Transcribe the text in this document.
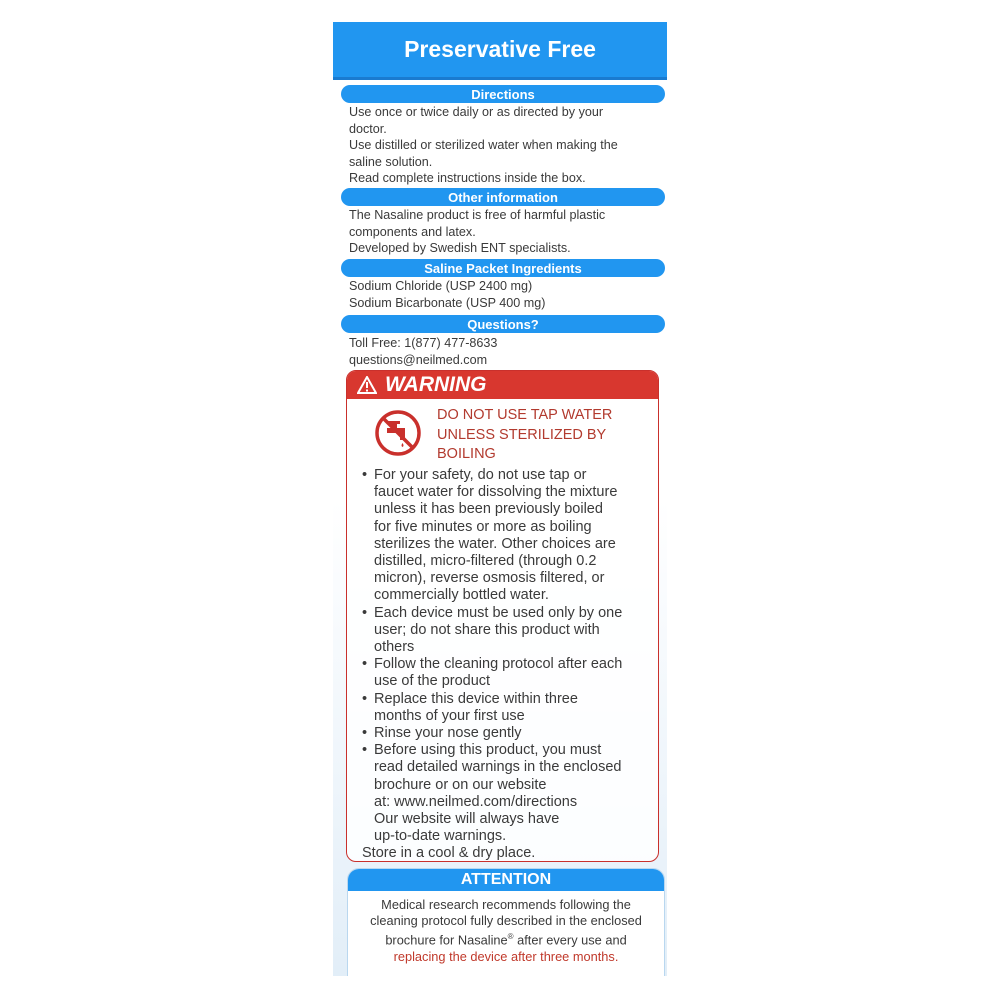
Preservative Free
Directions
Use once or twice daily or as directed by your
doctor.
Use distilled or sterilized water when making the
saline solution.
Read complete instructions inside the box.
Other information
The Nasaline product is free of harmful plastic
components and latex.
Developed by Swedish ENT specialists.
Saline Packet Ingredients
Sodium Chloride (USP 2400 mg)
Sodium Bicarbonate (USP 400 mg)
Questions?
Toll Free: 1(877) 477-8633
questions@neilmed.com
WARNING
DO NOT USE TAP WATER
UNLESS STERILIZED BY
BOILING
• For your safety, do not use tap or
faucet water for dissolving the mixture
unless it has been previously boiled
for five minutes or more as boiling
sterilizes the water. Other choices are
distilled, micro-filtered (through 0.2
micron), reverse osmosis filtered, or
commercially bottled water.
• Each device must be used only by one
user; do not share this product with
others
• Follow the cleaning protocol after each
use of the product
• Replace this device within three
months of your first use
• Rinse your nose gently
• Before using this product, you must
read detailed warnings in the enclosed
brochure or on our website
at: www.neilmed.com/directions
Our website will always have
up-to-date warnings.
Store in a cool & dry place.
ATTENTION
Medical research recommends following the
cleaning protocol fully described in the enclosed
brochure for Nasaline® after every use and
replacing the device after three months.
